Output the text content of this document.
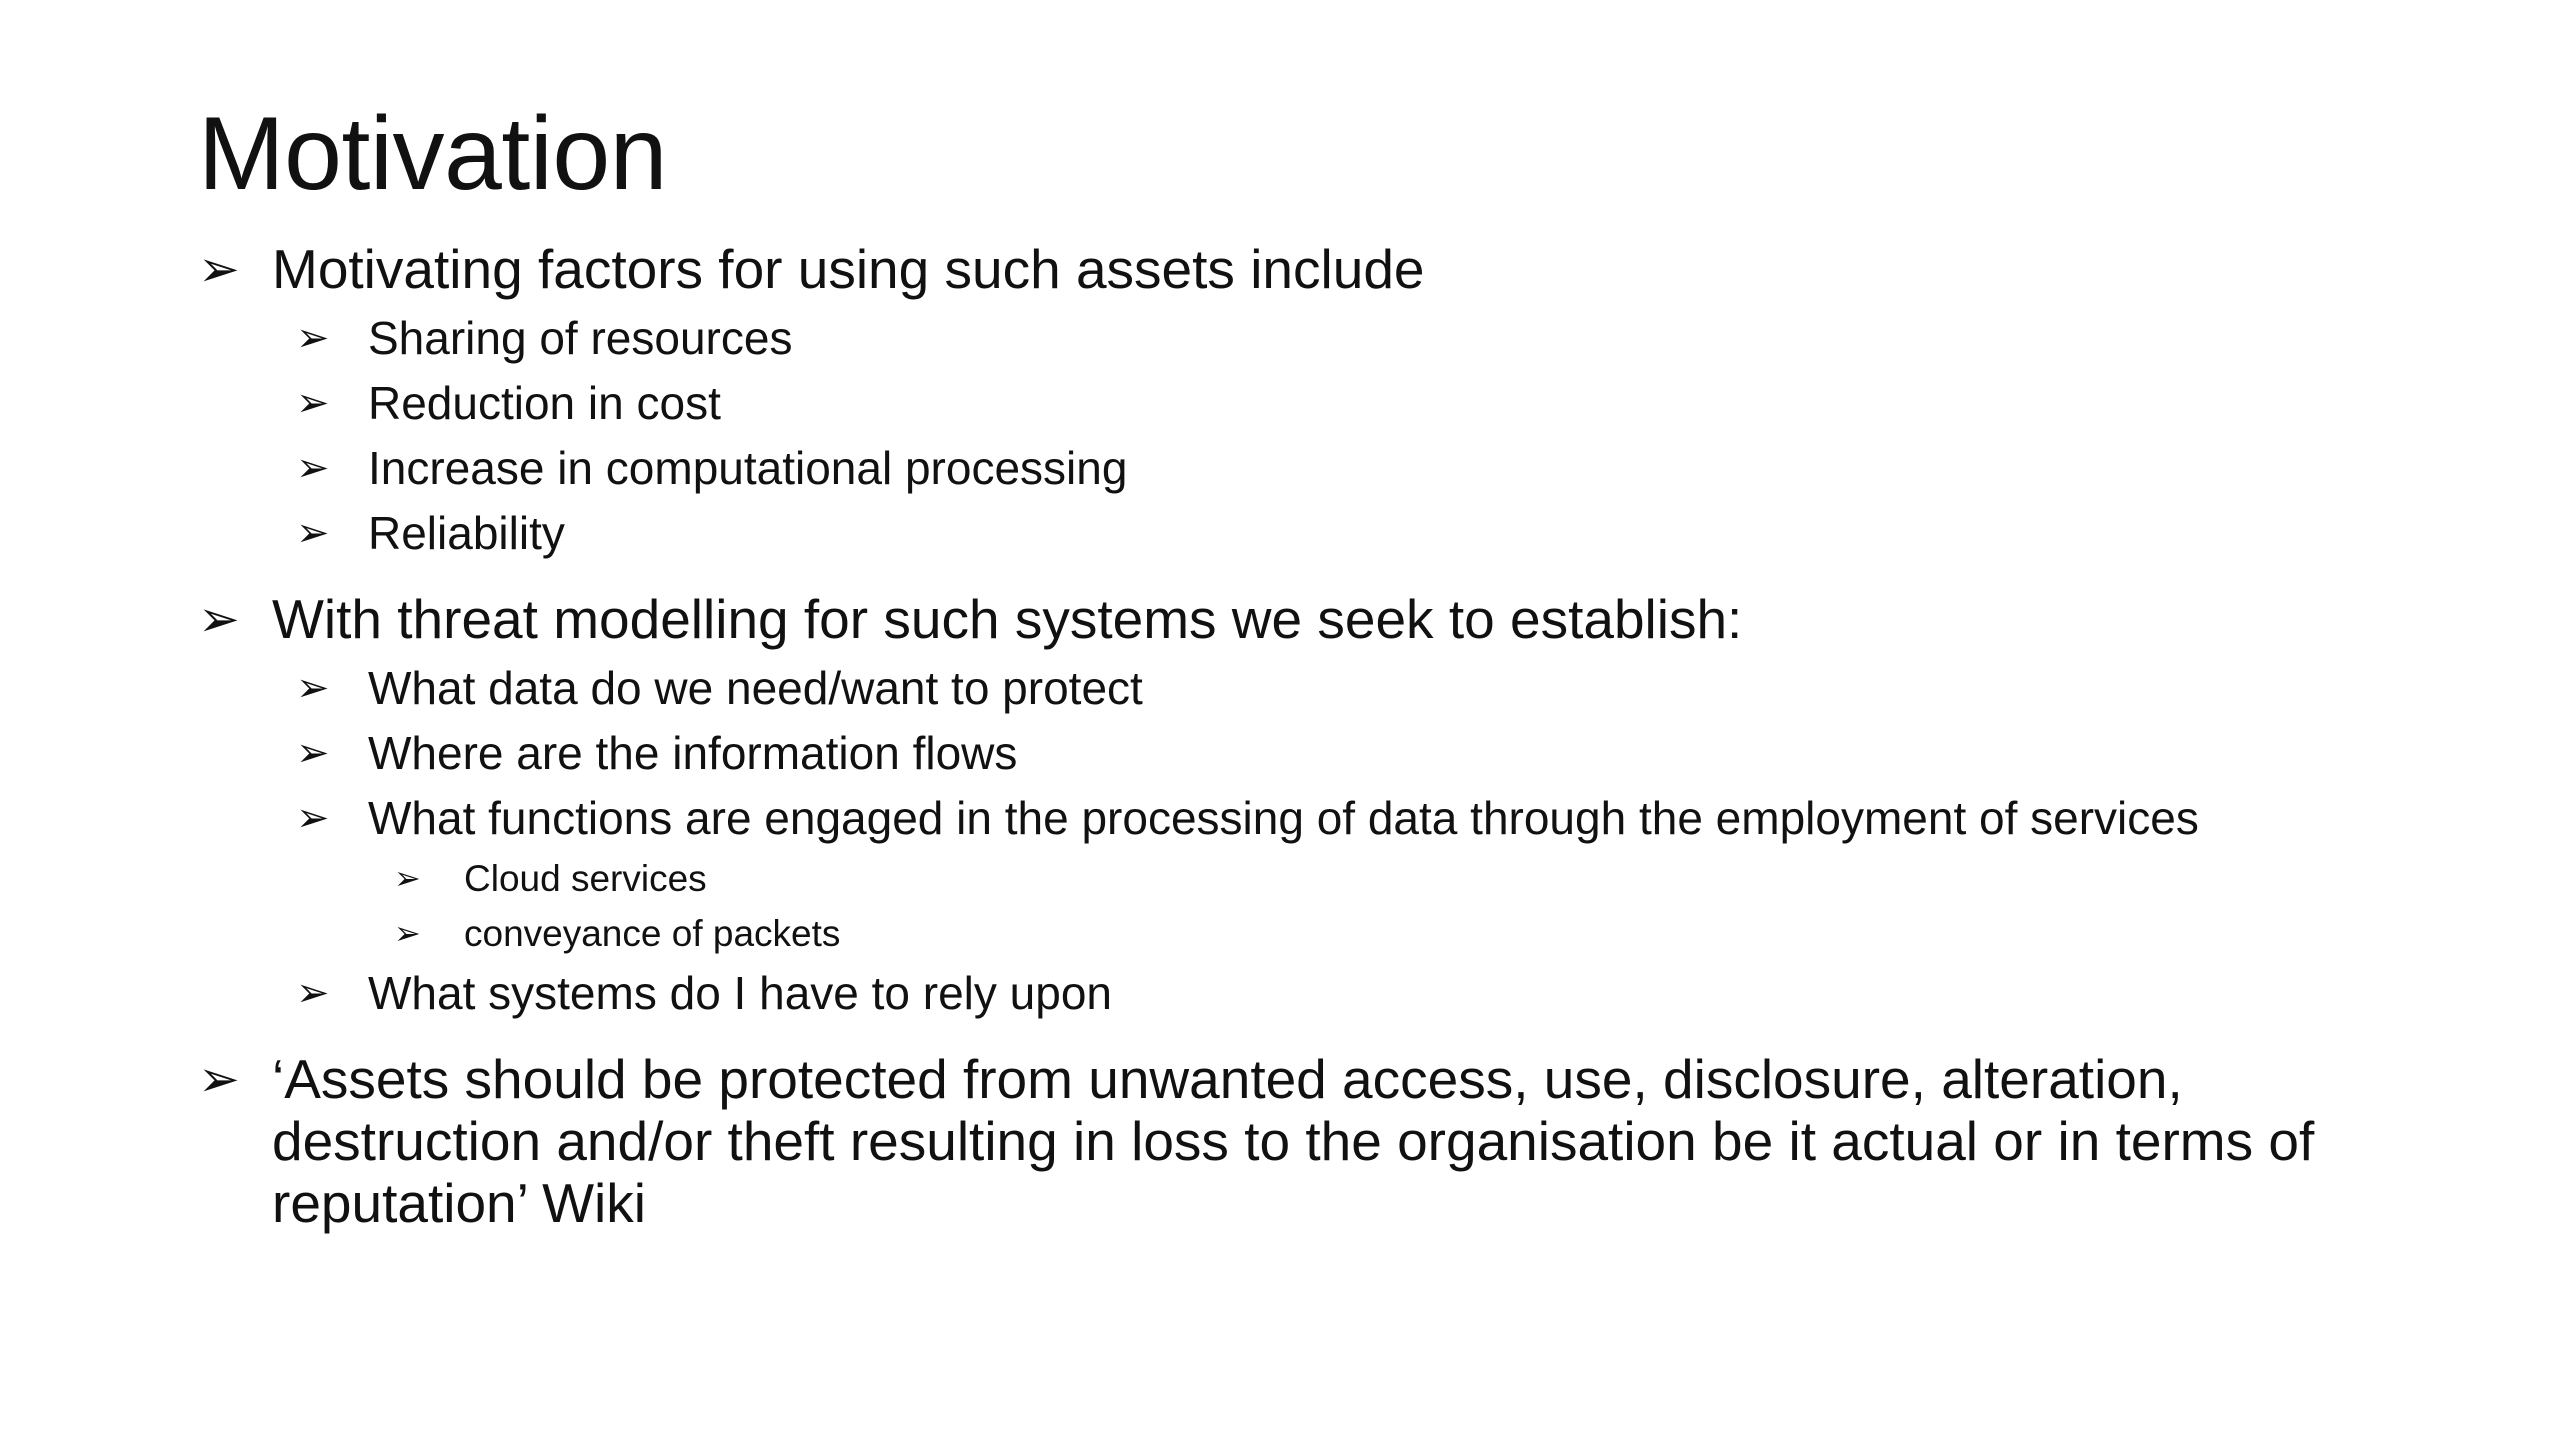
Motivation
➢ Motivating factors for using such assets include
➢ Sharing of resources
➢ Reduction in cost
➢ Increase in computational processing
➢ Reliability
➢ With threat modelling for such systems we seek to establish:
➢ What data do we need/want to protect
➢ Where are the information flows
➢ What functions are engaged in the processing of data through the employment of services
➢	Cloud services
➢	conveyance of packets
➢ What systems do I have to rely upon
➢ ‘Assets should be protected from unwanted access, use, disclosure, alteration, destruction and/or theft resulting in loss to the organisation be it actual or in terms of reputation’ Wiki
